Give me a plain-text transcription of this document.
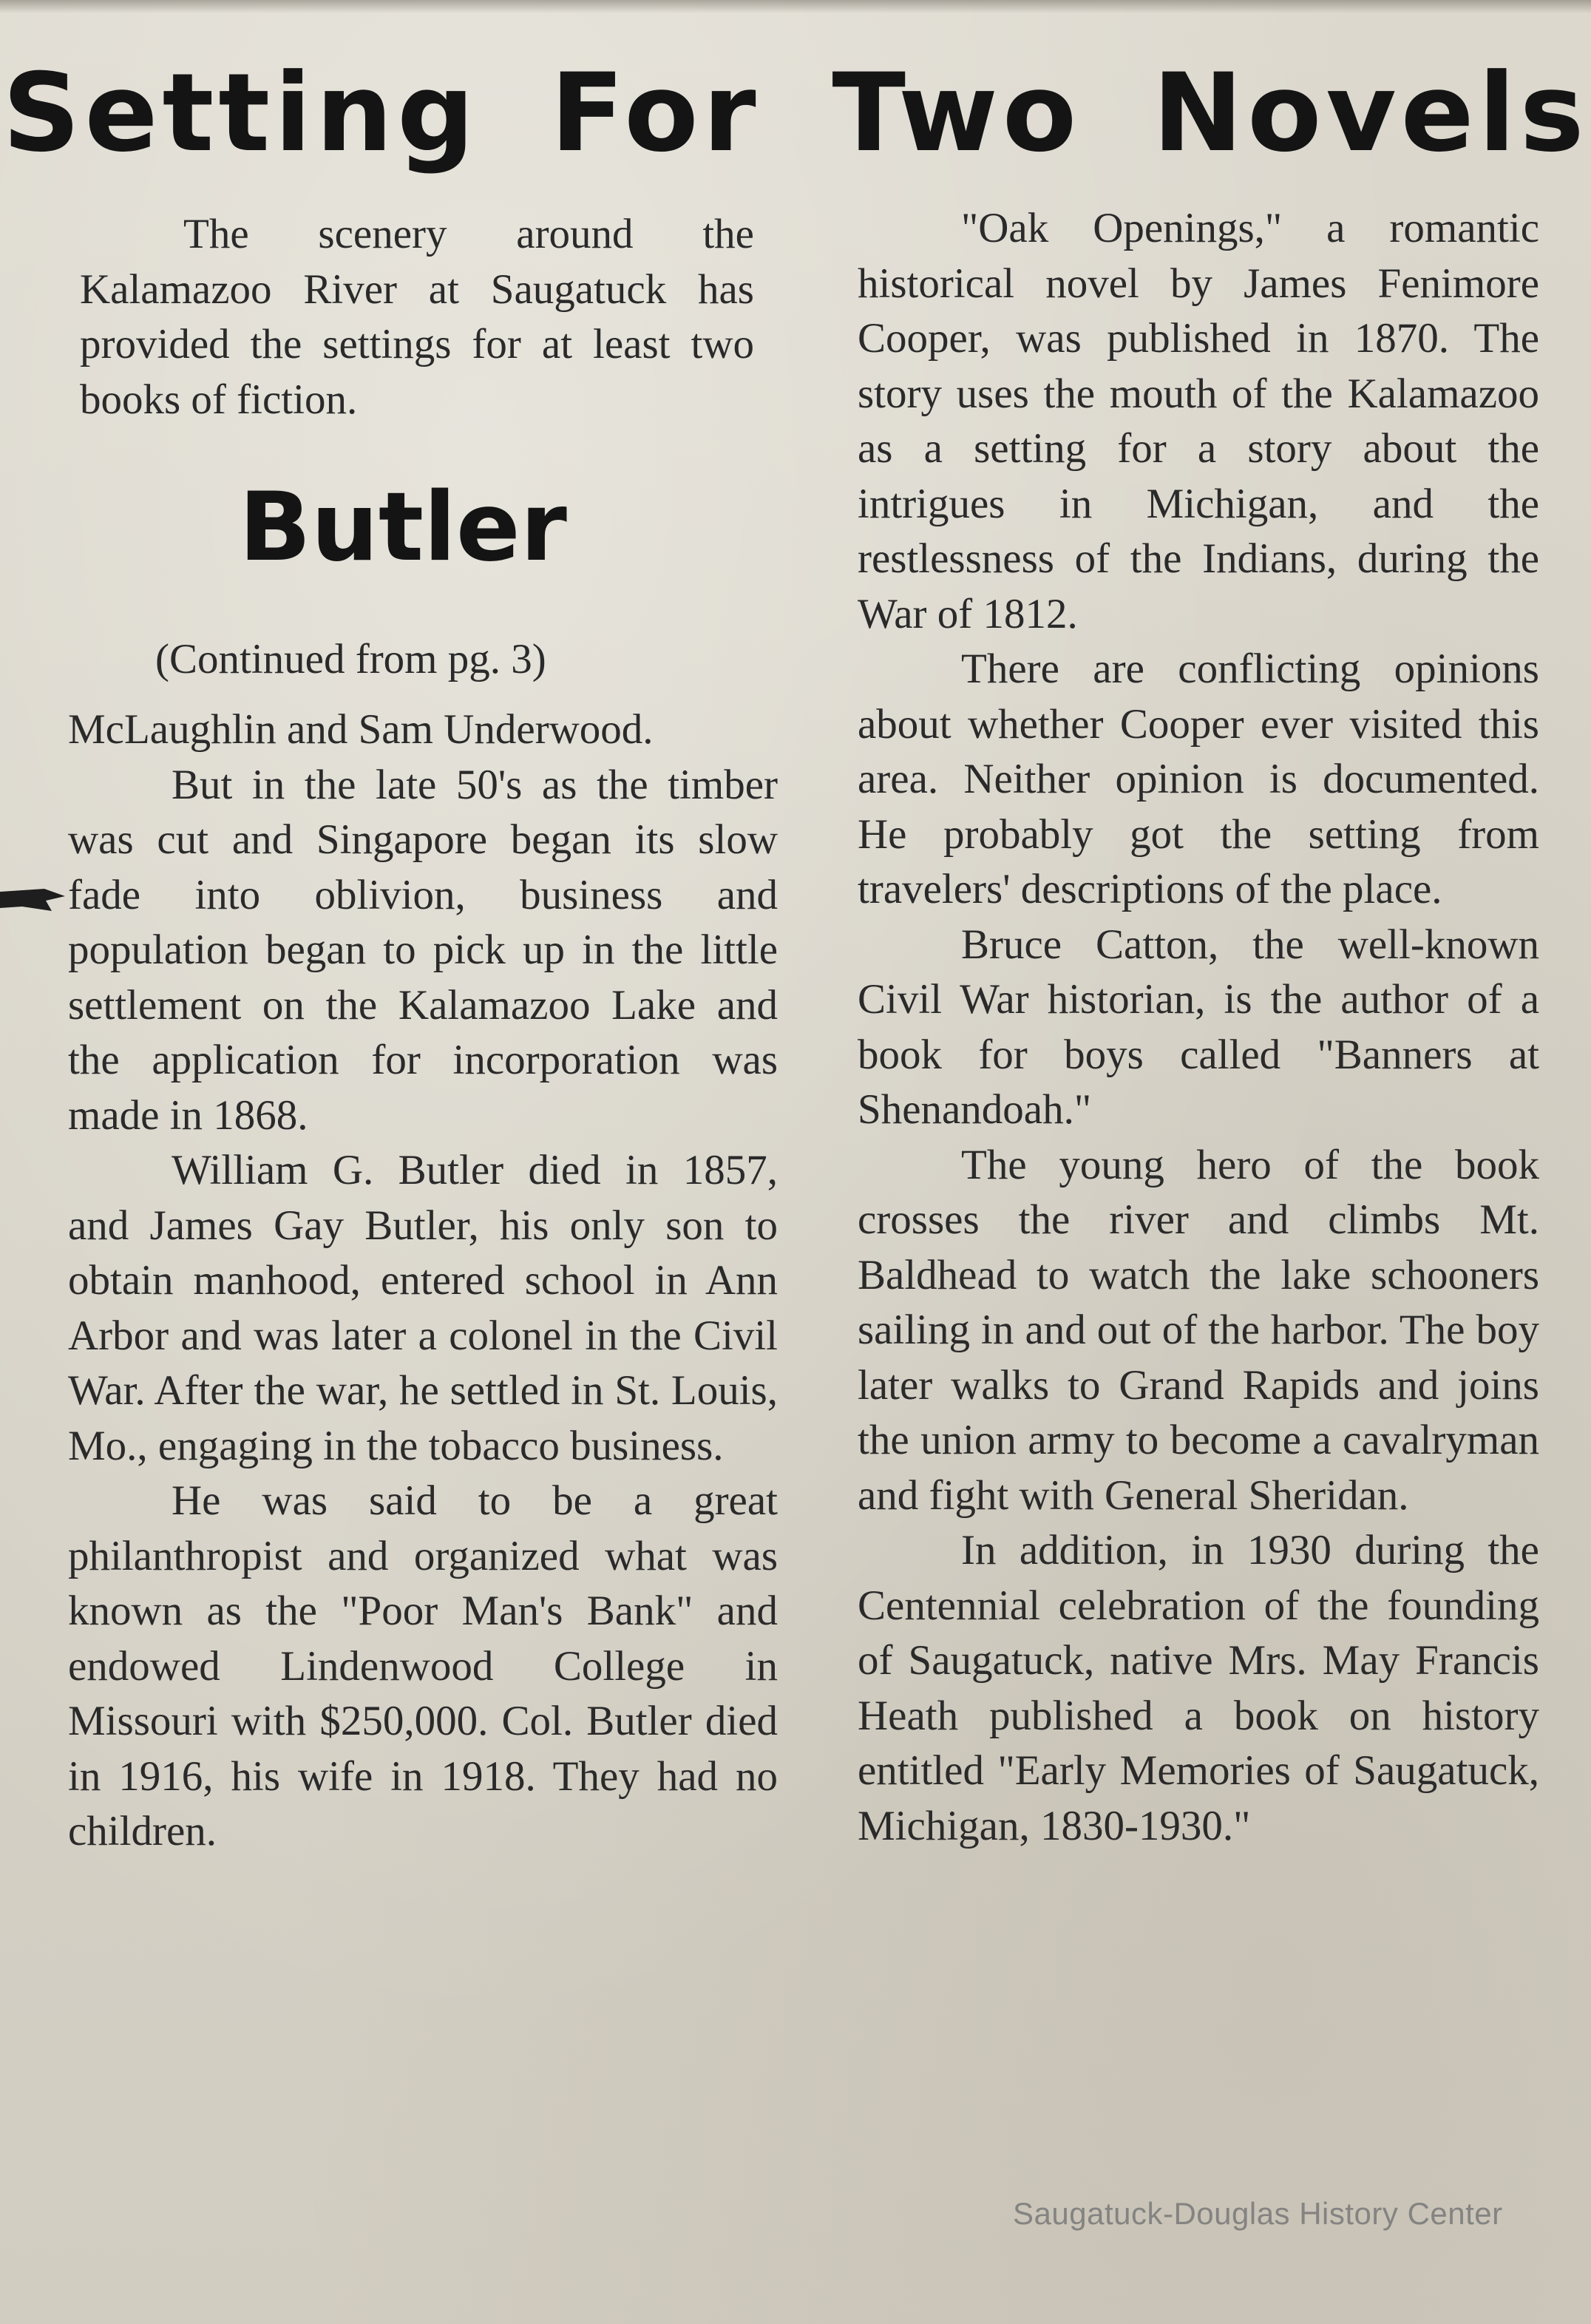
Setting For Two Novels

The scenery around the Kalamazoo River at Saugatuck has provided the settings for at least two books of fiction.

Butler

(Continued from pg. 3)

McLaughlin and Sam Underwood.

But in the late 50's as the timber was cut and Singapore began its slow fade into oblivion, business and population began to pick up in the little settlement on the Kalamazoo Lake and the application for incorporation was made in 1868.

William G. Butler died in 1857, and James Gay Butler, his only son to obtain manhood, entered school in Ann Arbor and was later a colonel in the Civil War. After the war, he settled in St. Louis, Mo., engaging in the tobacco business.

He was said to be a great philanthropist and organized what was known as the "Poor Man's Bank" and endowed Lindenwood College in Missouri with $250,000. Col. Butler died in 1916, his wife in 1918. They had no children.

"Oak Openings," a romantic historical novel by James Fenimore Cooper, was published in 1870. The story uses the mouth of the Kalamazoo as a setting for a story about the intrigues in Michigan, and the restlessness of the Indians, during the War of 1812.

There are conflicting opinions about whether Cooper ever visited this area. Neither opinion is documented. He probably got the setting from travelers' descriptions of the place.

Bruce Catton, the well-known Civil War historian, is the author of a book for boys called "Banners at Shenandoah."

The young hero of the book crosses the river and climbs Mt. Baldhead to watch the lake schooners sailing in and out of the harbor. The boy later walks to Grand Rapids and joins the union army to become a cavalryman and fight with General Sheridan.

In addition, in 1930 during the Centennial celebration of the founding of Saugatuck, native Mrs. May Francis Heath published a book on history entitled "Early Memories of Saugatuck, Michigan, 1830-1930."

Saugatuck-Douglas History Center
